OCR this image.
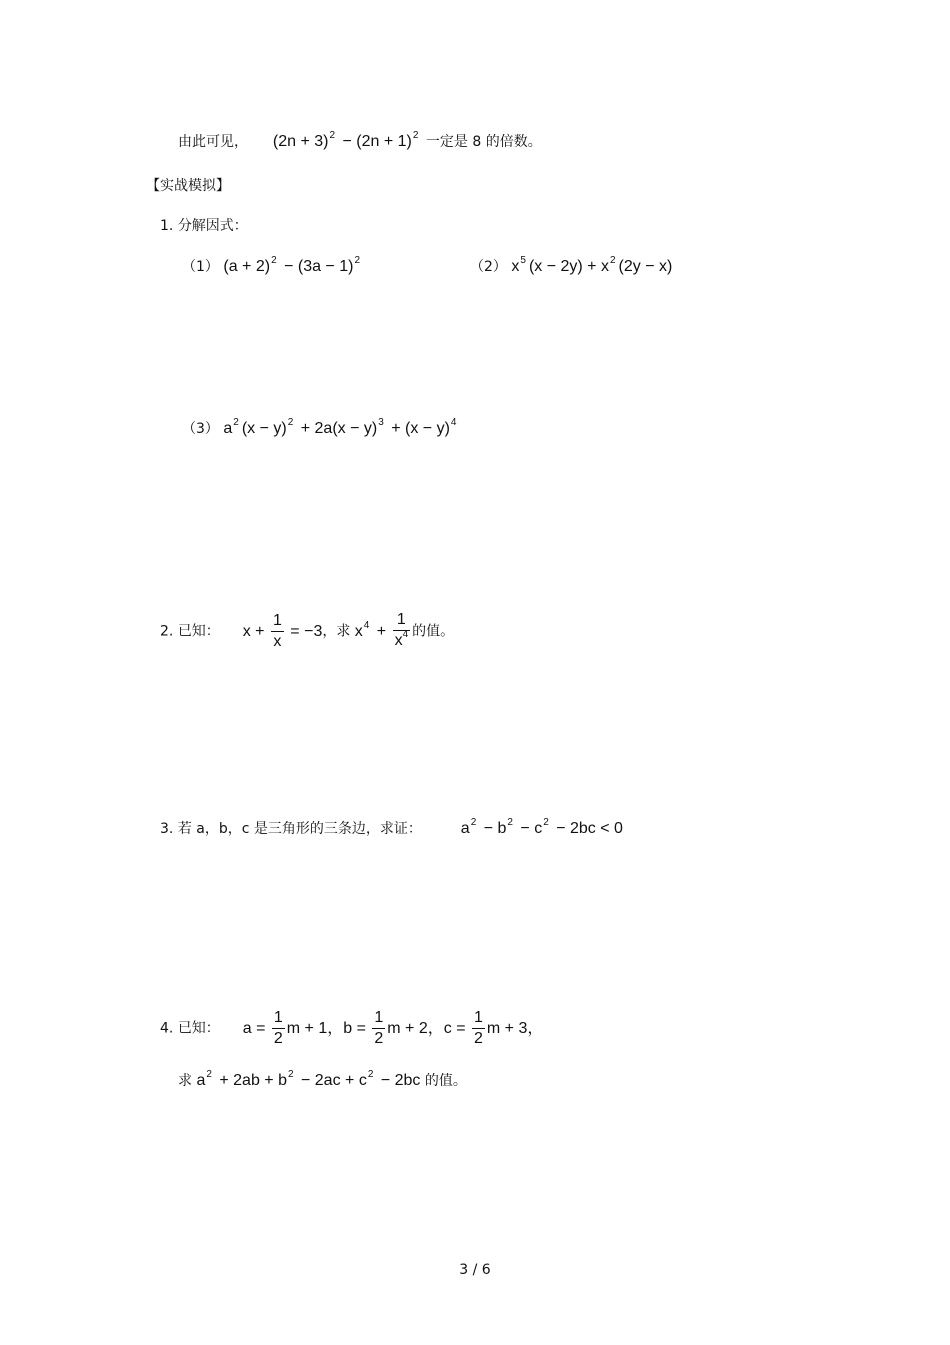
由此可见， $(2n + 3)^2 - (2n + 1)^2$ 一定是 8 的倍数。
【实战模拟】
1. 分解因式：
（1） $(a + 2)^2 - (3a - 1)^2$	（2） $x^5$ $(x - 2y) + x^2$ (2y − x)
（3） $a^2$ $(x - y)^2 + 2a(x - y)^3 + (x - y)^4$
2. 已知： $x + \frac{1}{x} = -3$，求 $x^4 + \frac{1}{x^4}$ 的值。
3. 若 a，b，c 是三角形的三条边，求证： $a^2 - b^2 - c^2 - 2bc < 0$
4. 已知： $a = \frac{1}{2}$ m + 1，$b = \frac{1}{2}$ m + 2，$c = \frac{1}{2}$ m + 3，
求 $a^2 + 2ab + b^2 - 2ac + c^2 - 2bc$ 的值。
3 / 6
